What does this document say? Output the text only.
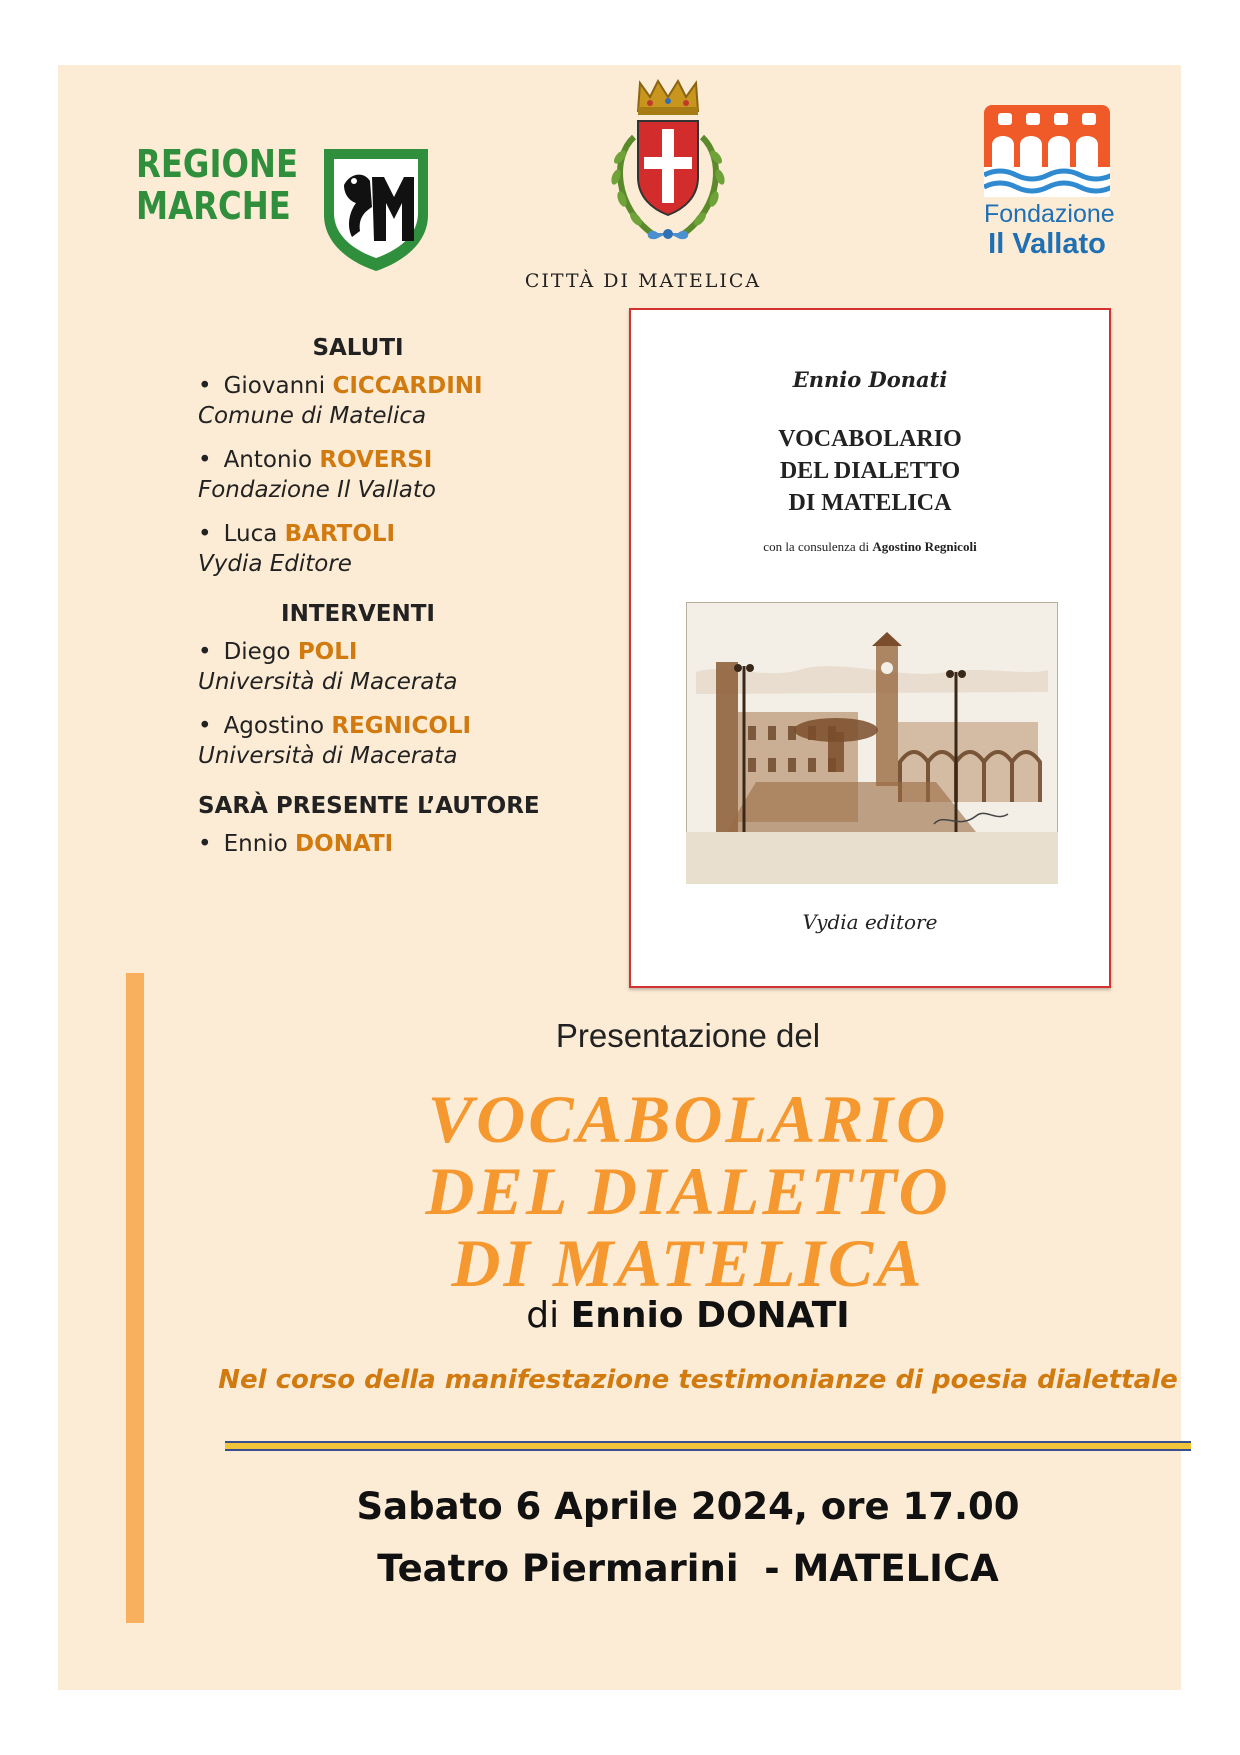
REGIONE
MARCHE
CITTÀ DI MATELICA
Fondazione
Il Vallato
SALUTI
• Giovanni CICCARDINI
Comune di Matelica
• Antonio ROVERSI
Fondazione Il Vallato
• Luca BARTOLI
Vydia Editore
INTERVENTI
• Diego POLI
Università di Macerata
• Agostino REGNICOLI
Università di Macerata
SARÀ PRESENTE L’AUTORE
• Ennio DONATI
Ennio Donati
VOCABOLARIO
DEL DIALETTO
DI MATELICA
con la consulenza di Agostino Regnicoli
Vydia editore
Presentazione del
VOCABOLARIO
DEL DIALETTO
DI MATELICA
di Ennio DONATI
Nel corso della manifestazione testimonianze di poesia dialettale
Sabato 6 Aprile 2024, ore 17.00
Teatro Piermarini  - MATELICA
